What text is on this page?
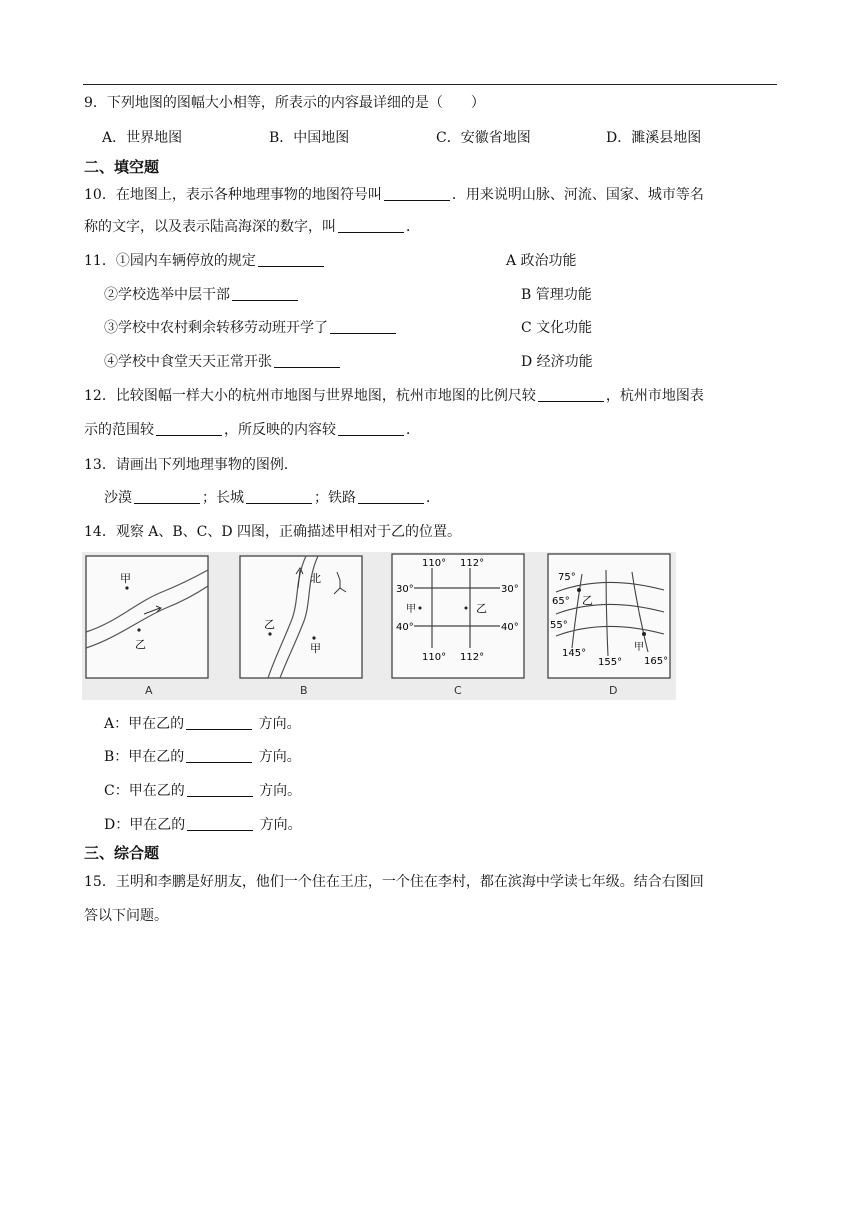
9．下列地图的图幅大小相等，所表示的内容最详细的是（　　）
A．世界地图	B．中国地图	C．安徽省地图	D．濉溪县地图
二、填空题
10．在地图上，表示各种地理事物的地图符号叫	．用来说明山脉、河流、国家、城市等名
称的文字，以及表示陆高海深的数字，叫	．
11．①园内车辆停放的规定	A 政治功能
②学校选举中层干部	B 管理功能
③学校中农村剩余转移劳动班开学了	C 文化功能
④学校中食堂天天正常开张	D 经济功能
12．比较图幅一样大小的杭州市地图与世界地图，杭州市地图的比例尺较	，杭州市地图表
示的范围较	，所反映的内容较	．
13．请画出下列地理事物的图例．
沙漠	；长城	；铁路	．
14．观察 A、B、C、D 四图，正确描述甲相对于乙的位置。
甲
乙
A
北
乙
甲
B
110° 112°
110° 112°
30°
40°
30°
40°
甲	乙
C
75°
65°
55°
145°
155° 165°
乙
甲
D
A：甲在乙的	方向。
B：甲在乙的	方向。
C：甲在乙的	方向。
D：甲在乙的	方向。
三、综合题
15．王明和李鹏是好朋友，他们一个住在王庄，一个住在李村，都在滨海中学读七年级。结合右图回
答以下问题。
